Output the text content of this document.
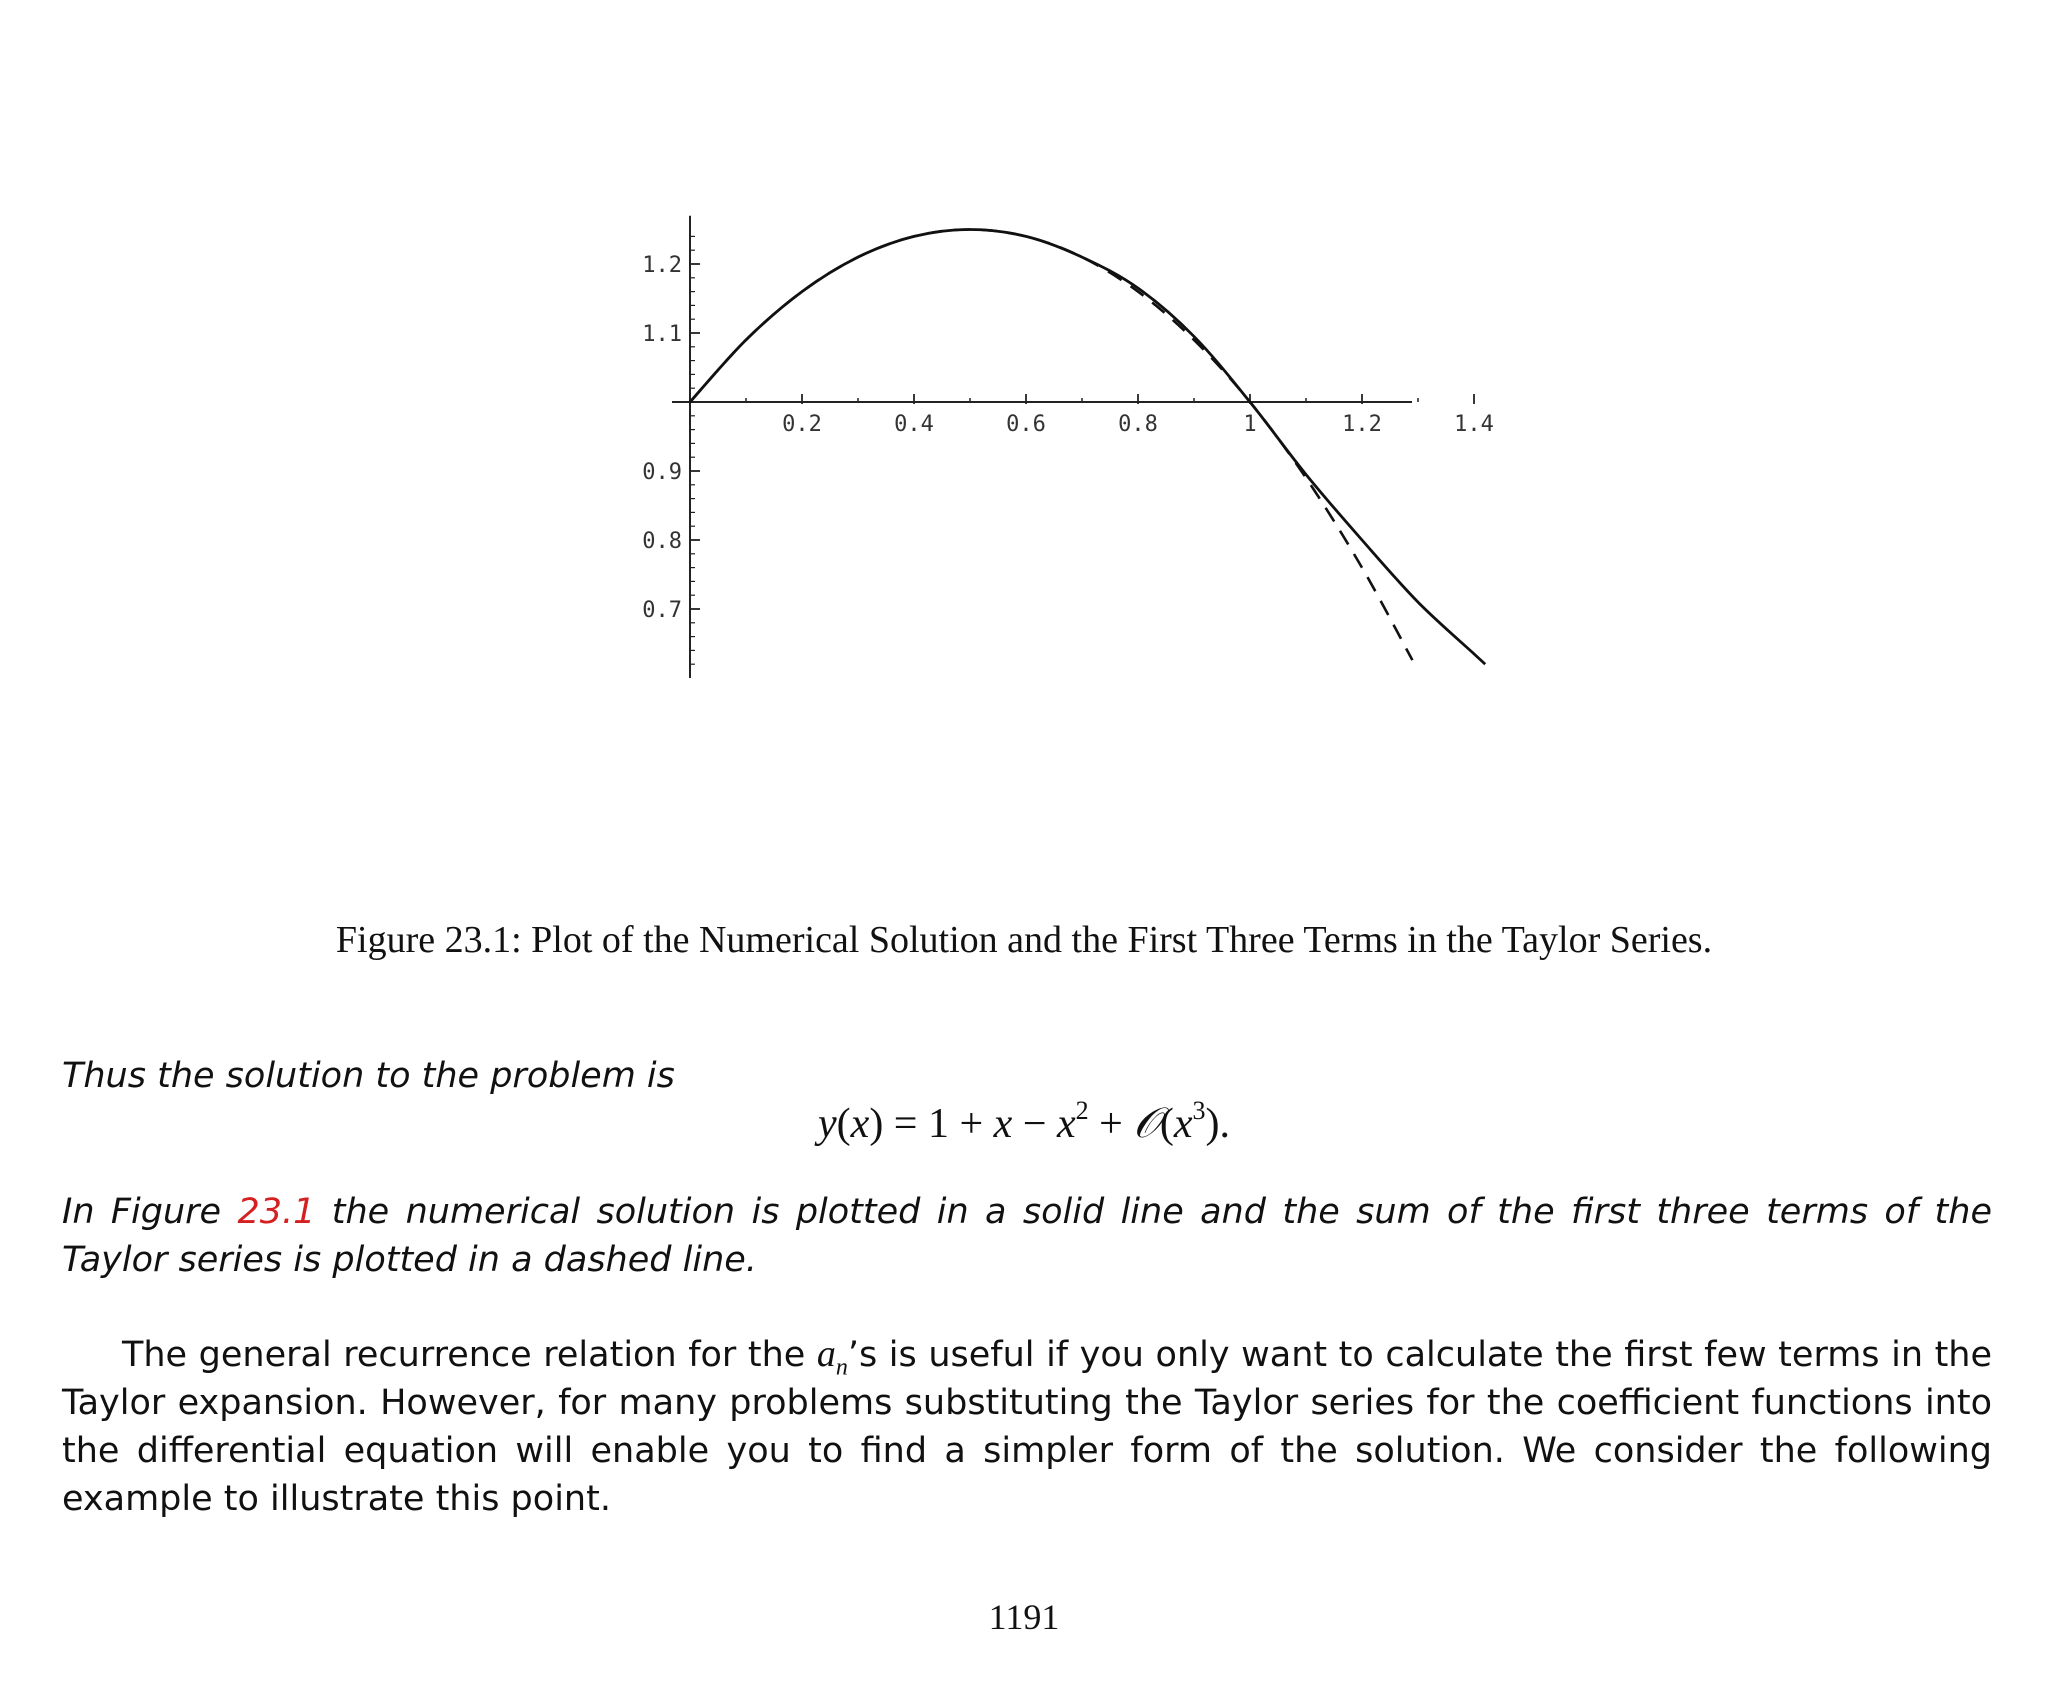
0.2	0.4	0.6	0.8	1	1.2	1.4
0.7
0.8
0.9
1.1
1.2
Figure 23.1: Plot of the Numerical Solution and the First Three Terms in the Taylor Series.
Thus the solution to the problem is
$y(x) = 1 + x - x^2$ + $𝒪(x^3)$.
In Figure 23.1 the numerical solution is plotted in a solid line and the sum of the first three terms of the Taylor series is plotted in a dashed line.
The general recurrence relation for the $a_n’s$ is useful if you only want to calculate the first few terms in the Taylor expansion. However, for many problems substituting the Taylor series for the coefficient functions into the differential equation will enable you to find a simpler form of the solution. We consider the following example to illustrate this point.
1191
